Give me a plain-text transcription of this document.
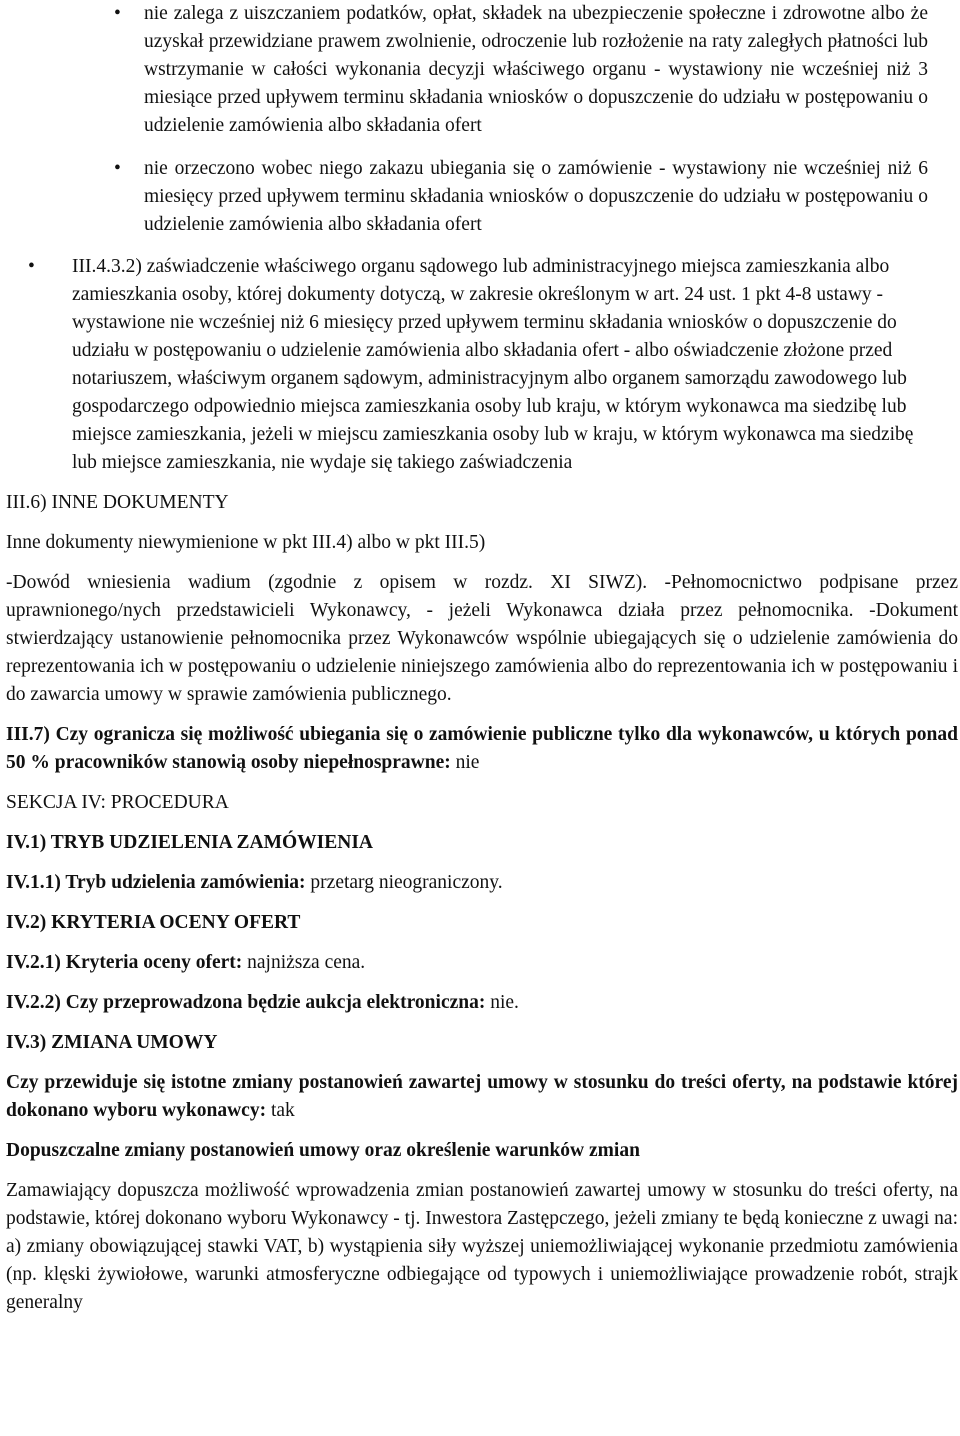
• nie zalega z uiszczaniem podatków, opłat, składek na ubezpieczenie społeczne i zdrowotne albo że uzyskał przewidziane prawem zwolnienie, odroczenie lub rozłożenie na raty zaległych płatności lub wstrzymanie w całości wykonania decyzji właściwego organu - wystawiony nie wcześniej niż 3 miesiące przed upływem terminu składania wniosków o dopuszczenie do udziału w postępowaniu o udzielenie zamówienia albo składania ofert
• nie orzeczono wobec niego zakazu ubiegania się o zamówienie - wystawiony nie wcześniej niż 6 miesięcy przed upływem terminu składania wniosków o dopuszczenie do udziału w postępowaniu o udzielenie zamówienia albo składania ofert
• III.4.3.2) zaświadczenie właściwego organu sądowego lub administracyjnego miejsca zamieszkania albo zamieszkania osoby, której dokumenty dotyczą, w zakresie określonym w art. 24 ust. 1 pkt 4-8 ustawy - wystawione nie wcześniej niż 6 miesięcy przed upływem terminu składania wniosków o dopuszczenie do udziału w postępowaniu o udzielenie zamówienia albo składania ofert - albo oświadczenie złożone przed notariuszem, właściwym organem sądowym, administracyjnym albo organem samorządu zawodowego lub gospodarczego odpowiednio miejsca zamieszkania osoby lub kraju, w którym wykonawca ma siedzibę lub miejsce zamieszkania, jeżeli w miejscu zamieszkania osoby lub w kraju, w którym wykonawca ma siedzibę lub miejsce zamieszkania, nie wydaje się takiego zaświadczenia

III.6) INNE DOKUMENTY

Inne dokumenty niewymienione w pkt III.4) albo w pkt III.5)

-Dowód wniesienia wadium (zgodnie z opisem w rozdz. XI SIWZ). -Pełnomocnictwo podpisane przez uprawnionego/nych przedstawicieli Wykonawcy, - jeżeli Wykonawca działa przez pełnomocnika. -Dokument stwierdzający ustanowienie pełnomocnika przez Wykonawców wspólnie ubiegających się o udzielenie zamówienia do reprezentowania ich w postępowaniu o udzielenie niniejszego zamówienia albo do reprezentowania ich w postępowaniu i do zawarcia umowy w sprawie zamówienia publicznego.

III.7) Czy ogranicza się możliwość ubiegania się o zamówienie publiczne tylko dla wykonawców, u których ponad 50 % pracowników stanowią osoby niepełnosprawne: nie

SEKCJA IV: PROCEDURA

IV.1) TRYB UDZIELENIA ZAMÓWIENIA

IV.1.1) Tryb udzielenia zamówienia: przetarg nieograniczony.

IV.2) KRYTERIA OCENY OFERT

IV.2.1) Kryteria oceny ofert: najniższa cena.

IV.2.2) Czy przeprowadzona będzie aukcja elektroniczna: nie.

IV.3) ZMIANA UMOWY

Czy przewiduje się istotne zmiany postanowień zawartej umowy w stosunku do treści oferty, na podstawie której dokonano wyboru wykonawcy: tak

Dopuszczalne zmiany postanowień umowy oraz określenie warunków zmian

Zamawiający dopuszcza możliwość wprowadzenia zmian postanowień zawartej umowy w stosunku do treści oferty, na podstawie, której dokonano wyboru Wykonawcy - tj. Inwestora Zastępczego, jeżeli zmiany te będą konieczne z uwagi na: a) zmiany obowiązującej stawki VAT, b) wystąpienia siły wyższej uniemożliwiającej wykonanie przedmiotu zamówienia (np. klęski żywiołowe, warunki atmosferyczne odbiegające od typowych i uniemożliwiające prowadzenie robót, strajk generalny
